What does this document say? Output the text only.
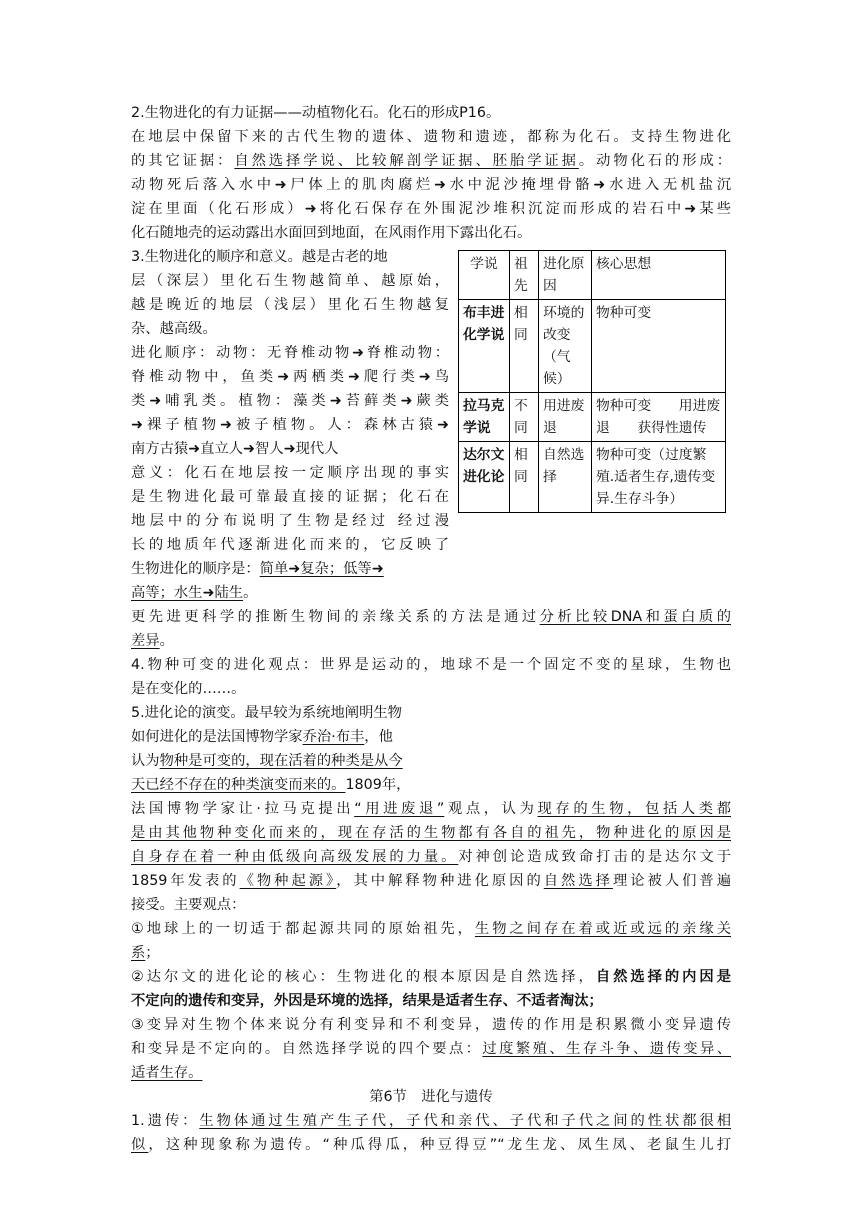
2.生物进化的有力证据——动植物化石。化石的形成P16。
在地层中保留下来的古代生物的遗体、遗物和遗迹，都称为化石。支持生物进化
的其它证据：自然选择学说、比较解剖学证据、胚胎学证据。动物化石的形成：
动物死后落入水中➜尸体上的肌肉腐烂➜水中泥沙掩埋骨骼➜水进入无机盐沉
淀在里面（化石形成）➜将化石保存在外围泥沙堆积沉淀而形成的岩石中➜某些
化石随地壳的运动露出水面回到地面，在风雨作用下露出化石。
3.生物进化的顺序和意义。越是古老的地
层（深层）里化石生物越简单、越原始，
越是晚近的地层（浅层）里化石生物越复
杂、越高级。
进化顺序：动物：无脊椎动物➜脊椎动物：
脊椎动物中，鱼类➜两栖类➜爬行类➜鸟
类➜哺乳类。植物：藻类➜苔藓类➜蕨类
➜裸子植物➜被子植物。人：森林古猿➜
南方古猿➜直立人➜智人➜现代人
意义：化石在地层按一定顺序出现的事实
是生物进化最可靠最直接的证据；化石在
地层中的分布说明了生物是经过 经过漫
长的地质年代逐渐进化而来的，它反映了
生物进化的顺序是：简单➜复杂；低等➜
高等；水生➜陆生。
更先进更科学的推断生物间的亲缘关系的方法是通过分析比较DNA和蛋白质的
差异。
学说	祖先	进化原因	核心思想
布丰进化学说	相同	环境的改变（气候）	物种可变
拉马克学说	不同	用进废退	物种可变　　用进废退　　获得性遗传
达尔文进化论	相同	自然选择	物种可变（过度繁殖.适者生存,遗传变异.生存斗争）
4.物种可变的进化观点：世界是运动的，地球不是一个固定不变的星球，生物也
是在变化的……。
5.进化论的演变。最早较为系统地阐明生物
如何进化的是法国博物学家乔治·布丰，他
认为物种是可变的，现在活着的种类是从今
天已经不存在的种类演变而来的。1809年，
法国博物学家让·拉马克提出“用进废退”观点，认为现存的生物，包括人类都
是由其他物种变化而来的，现在存活的生物都有各自的祖先，物种进化的原因是
自身存在着一种由低级向高级发展的力量。对神创论造成致命打击的是达尔文于
1859年发表的《物种起源》，其中解释物种进化原因的自然选择理论被人们普遍
接受。主要观点：
①地球上的一切适于都起源共同的原始祖先，生物之间存在着或近或远的亲缘关
系；
②达尔文的进化论的核心：生物进化的根本原因是自然选择，自然选择的内因是
不定向的遗传和变异，外因是环境的选择，结果是适者生存、不适者淘汰；
③变异对生物个体来说分有利变异和不利变异，遗传的作用是积累微小变异遗传
和变异是不定向的。自然选择学说的四个要点：过度繁殖、生存斗争、遗传变异、
适者生存。
第6节　进化与遗传
1.遗传：生物体通过生殖产生子代，子代和亲代、子代和子代之间的性状都很相
似，这种现象称为遗传。“种瓜得瓜，种豆得豆”“龙生龙、凤生凤、老鼠生儿打
